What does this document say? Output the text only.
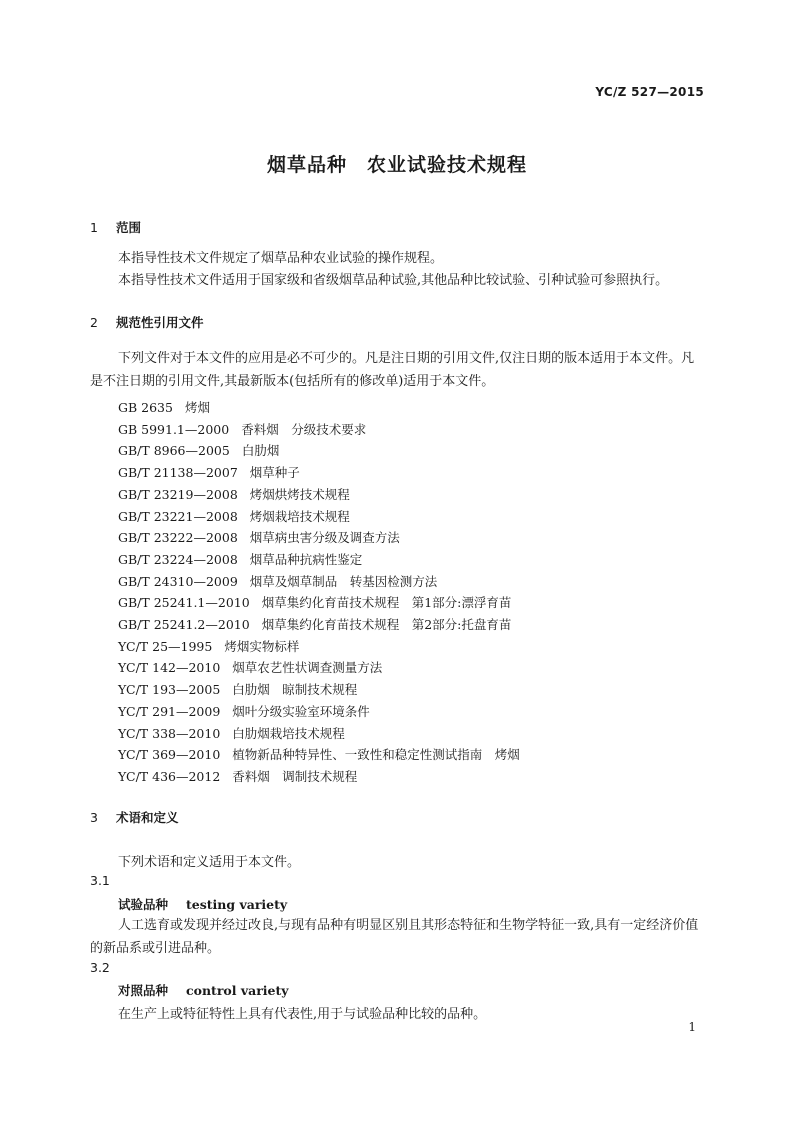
YC/Z 527—2015
烟草品种　农业试验技术规程
1 范围
本指导性技术文件规定了烟草品种农业试验的操作规程。
本指导性技术文件适用于国家级和省级烟草品种试验,其他品种比较试验、引种试验可参照执行。
2 规范性引用文件
下列文件对于本文件的应用是必不可少的。凡是注日期的引用文件,仅注日期的版本适用于本文件。凡是不注日期的引用文件,其最新版本(包括所有的修改单)适用于本文件。
GB 2635 烤烟
GB 5991.1—2000 香料烟　分级技术要求
GB/T 8966—2005 白肋烟
GB/T 21138—2007 烟草种子
GB/T 23219—2008 烤烟烘烤技术规程
GB/T 23221—2008 烤烟栽培技术规程
GB/T 23222—2008 烟草病虫害分级及调查方法
GB/T 23224—2008 烟草品种抗病性鉴定
GB/T 24310—2009 烟草及烟草制品　转基因检测方法
GB/T 25241.1—2010 烟草集约化育苗技术规程　第1部分:漂浮育苗
GB/T 25241.2—2010 烟草集约化育苗技术规程　第2部分:托盘育苗
YC/T 25—1995 烤烟实物标样
YC/T 142—2010 烟草农艺性状调查测量方法
YC/T 193—2005 白肋烟　晾制技术规程
YC/T 291—2009 烟叶分级实验室环境条件
YC/T 338—2010 白肋烟栽培技术规程
YC/T 369—2010 植物新品种特异性、一致性和稳定性测试指南　烤烟
YC/T 436—2012 香料烟　调制技术规程
3 术语和定义
下列术语和定义适用于本文件。
3.1
试验品种 testing variety
人工选育或发现并经过改良,与现有品种有明显区别且其形态特征和生物学特征一致,具有一定经济价值的新品系或引进品种。
3.2
对照品种 control variety
在生产上或特征特性上具有代表性,用于与试验品种比较的品种。
1
